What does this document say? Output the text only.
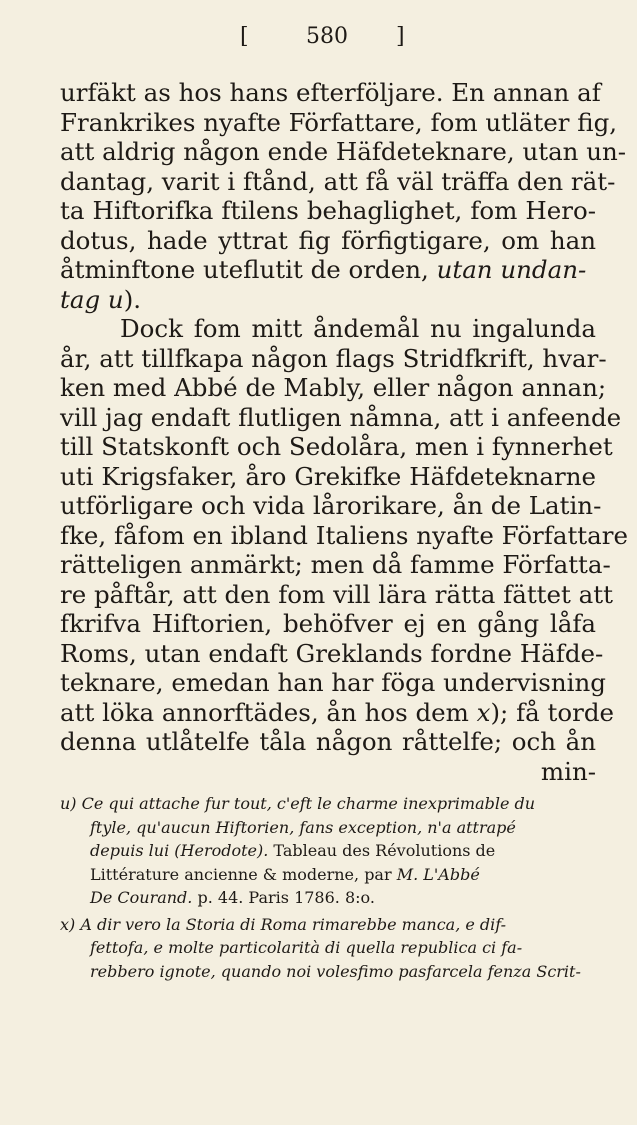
[	580 ]
urfäkt as hos hans efterföljare. En annan af
Frankrikes nyafte Författare, fom utläter fig,
att aldrig någon ende Häfdeteknare, utan un-
dantag, varit i ftånd, att få väl träffa den rät-
ta Hiftorifka ftilens behaglighet, fom Hero-
dotus, hade yttrat fig förfigtigare, om han
åtminftone uteflutit de orden, utan undan-
tag u).
Dock fom mitt åndemål nu ingalunda
år, att tillfkapa någon flags Stridfkrift, hvar-
ken med Abbé de Mably, eller någon annan;
vill jag endaft flutligen nåmna, att i anfeende
till Statskonft och Sedolåra, men i fynnerhet
uti Krigsfaker, åro Grekifke Häfdeteknarne
utförligare och vida lårorikare, ån de Latin-
fke, fåfom en ibland Italiens nyafte Författare
rätteligen anmärkt; men då famme Författa-
re påftår, att den fom vill lära rätta fättet att
fkrifva Hiftorien, behöfver ej en gång låfa
Roms, utan endaft Greklands fordne Häfde-
teknare, emedan han har föga undervisning
att löka annorftädes, ån hos dem x); få torde
denna utlåtelfe tåla någon råttelfe; och ån
min-
u) Ce qui attache fur tout, c'eft le charme inexprimable du
ftyle, qu'aucun Hiftorien, fans exception, n'a attrapé
depuis lui (Herodote). Tableau des Révolutions de
Littérature ancienne & moderne, par M. L'Abbé
De Courand. p. 44. Paris 1786. 8:o.
x) A dir vero la Storia di Roma rimarebbe manca, e dif-
fettofa, e molte particolarità di quella republica ci fa-
rebbero ignote, quando noi volesfimo pasfarcela fenza Scrit-
